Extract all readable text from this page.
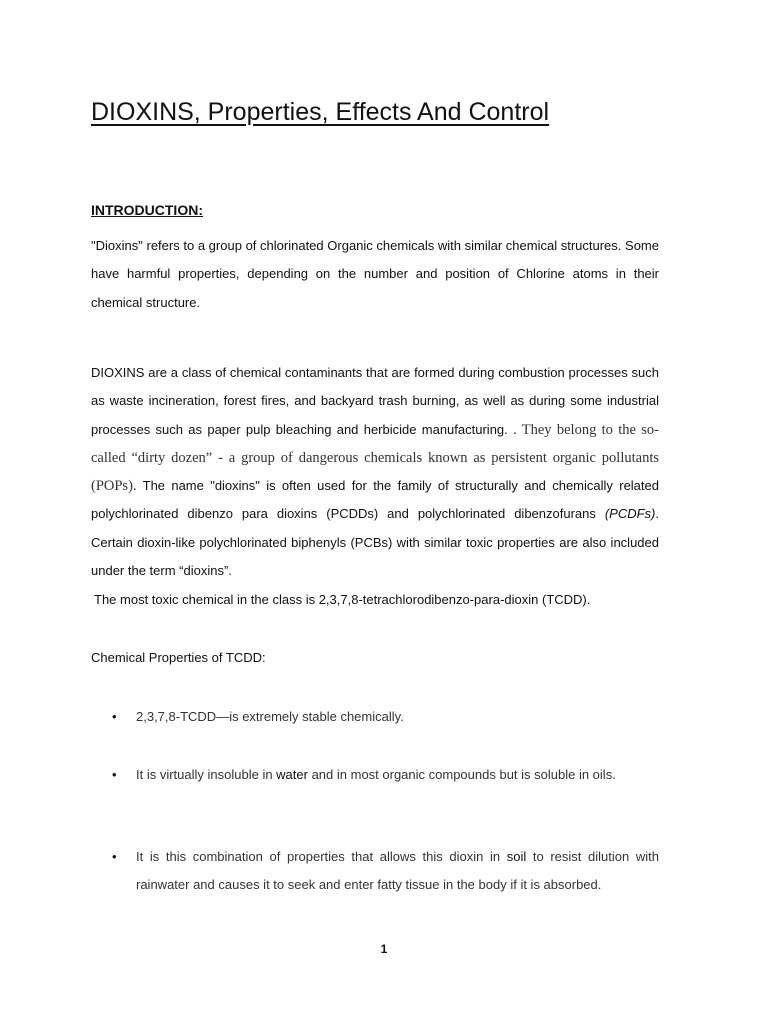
DIOXINS, Properties, Effects And Control
INTRODUCTION:

"Dioxins" refers to a group of chlorinated Organic chemicals with similar chemical structures. Some have harmful properties, depending on the number and position of Chlorine atoms in their chemical structure.

DIOXINS are a class of chemical contaminants that are formed during combustion processes such as waste incineration, forest fires, and backyard trash burning, as well as during some industrial processes such as paper pulp bleaching and herbicide manufacturing. . They belong to the so-called “dirty dozen” - a group of dangerous chemicals known as persistent organic pollutants (POPs). The name "dioxins" is often used for the family of structurally and chemically related polychlorinated dibenzo para dioxins (PCDDs) and polychlorinated dibenzofurans (PCDFs). Certain dioxin-like polychlorinated biphenyls (PCBs) with similar toxic properties are also included under the term “dioxins”.

The most toxic chemical in the class is 2,3,7,8-tetrachlorodibenzo-para-dioxin (TCDD).
Chemical Properties of TCDD:
•	2,3,7,8-TCDD—is extremely stable chemically.
•	It is virtually insoluble in water and in most organic compounds but is soluble in oils.
•	It is this combination of properties that allows this dioxin in soil to resist dilution with rainwater and causes it to seek and enter fatty tissue in the body if it is absorbed.
1
